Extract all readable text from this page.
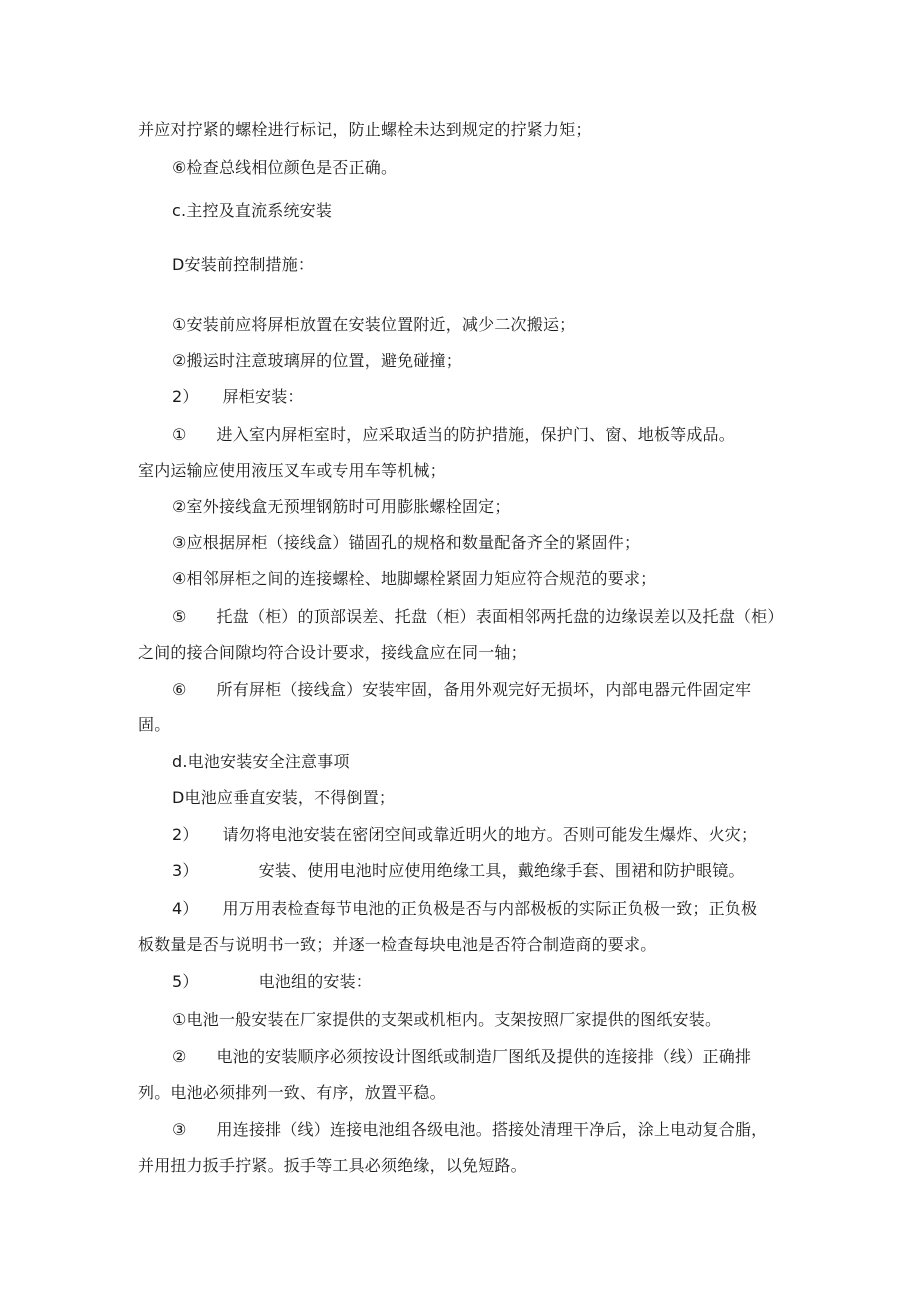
并应对拧紧的螺栓进行标记，防止螺栓未达到规定的拧紧力矩；
⑥检查总线相位颜色是否正确。
c.主控及直流系统安装
D安装前控制措施：
①安装前应将屏柜放置在安装位置附近，减少二次搬运；
②搬运时注意玻璃屏的位置，避免碰撞；
2） 屏柜安装：
① 进入室内屏柜室时，应采取适当的防护措施，保护门、窗、地板等成品。
室内运输应使用液压叉车或专用车等机械；
②室外接线盒无预埋钢筋时可用膨胀螺栓固定；
③应根据屏柜（接线盒）锚固孔的规格和数量配备齐全的紧固件；
④相邻屏柜之间的连接螺栓、地脚螺栓紧固力矩应符合规范的要求；
⑤ 托盘（柜）的顶部误差、托盘（柜）表面相邻两托盘的边缘误差以及托盘（柜）
之间的接合间隙均符合设计要求，接线盒应在同一轴；
⑥ 所有屏柜（接线盒）安装牢固，备用外观完好无损坏，内部电器元件固定牢
固。
d.电池安装安全注意事项
D电池应垂直安装，不得倒置；
2） 请勿将电池安装在密闭空间或靠近明火的地方。否则可能发生爆炸、火灾；
3）	安装、使用电池时应使用绝缘工具，戴绝缘手套、围裙和防护眼镜。
4） 用万用表检查每节电池的正负极是否与内部极板的实际正负极一致；正负极
板数量是否与说明书一致；并逐一检查每块电池是否符合制造商的要求。
5）	电池组的安装：
①电池一般安装在厂家提供的支架或机柜内。支架按照厂家提供的图纸安装。
② 电池的安装顺序必须按设计图纸或制造厂图纸及提供的连接排（线）正确排
列。电池必须排列一致、有序，放置平稳。
③ 用连接排（线）连接电池组各级电池。搭接处清理干净后，涂上电动复合脂，
并用扭力扳手拧紧。扳手等工具必须绝缘，以免短路。
